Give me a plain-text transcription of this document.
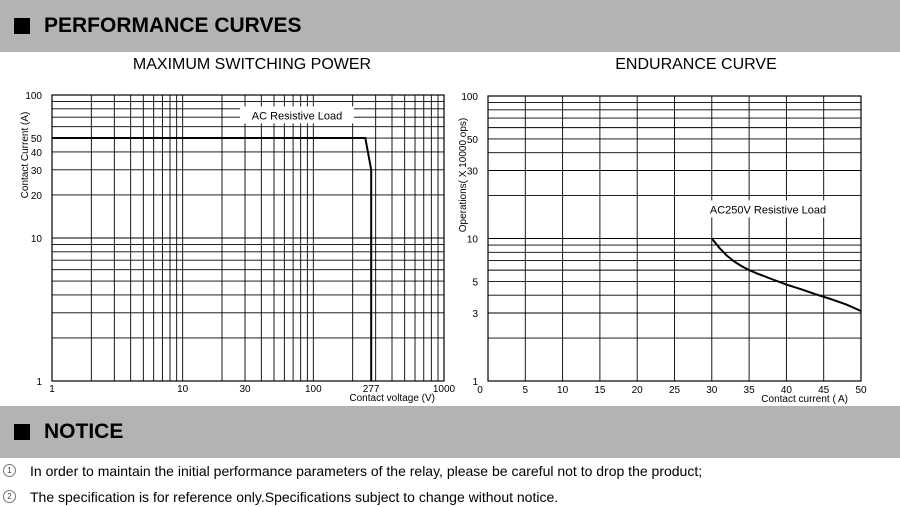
PERFORMANCE CURVES
MAXIMUM SWITCHING POWER	ENDURANCE CURVE
1	10	30	100	277	1000
1
10
20
30
40
50
100
Contact voltage (V)
Contact Current (A)	AC Resistive Load
0	5	10	15	20	25	30	35	40	45	50
1
3
5
10
30
50
100
Contact current ( A)
Operations( X 10000 ops)	AC250V Resistive Load
NOTICE
1	In order to maintain the initial performance parameters of the relay, please be careful not to drop the product;
2	The specification is for reference only.Specifications subject to change without notice.
